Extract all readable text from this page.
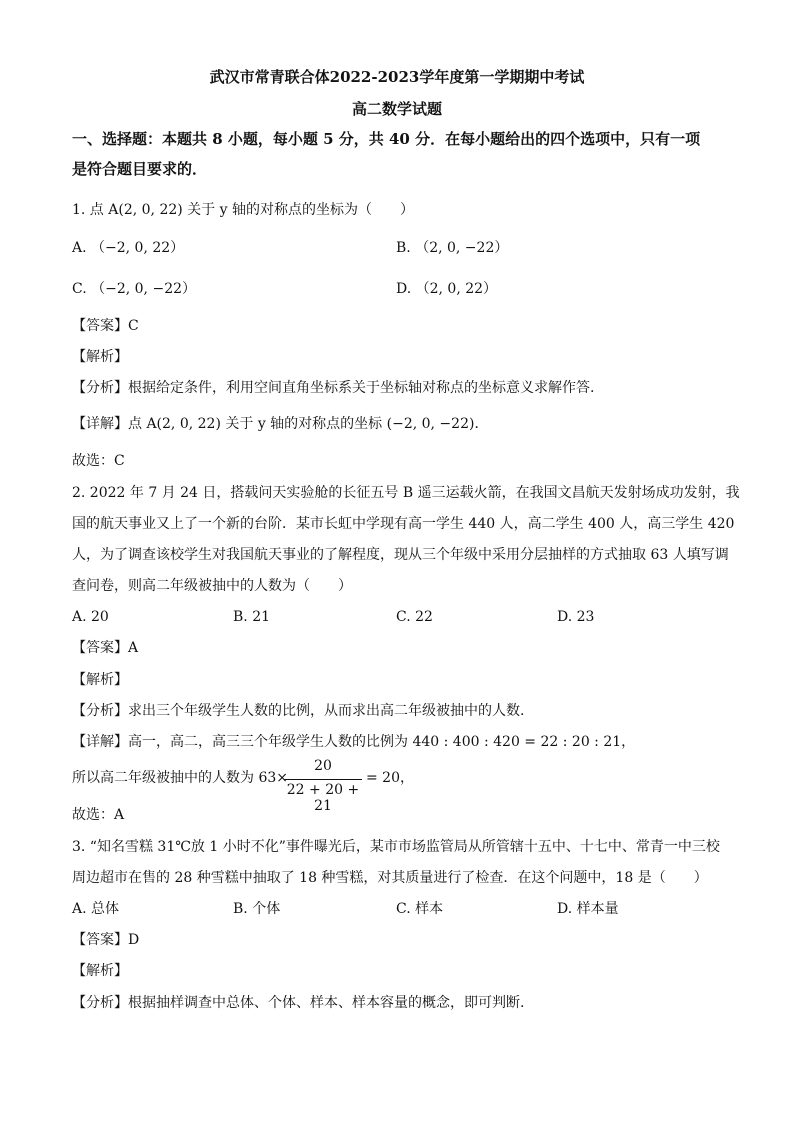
武汉市常青联合体2022-2023学年度第一学期期中考试
高二数学试题
一、选择题：本题共 8 小题，每小题 5 分，共 40 分．在每小题给出的四个选项中，只有一项
是符合题目要求的．
1. 点 A(2, 0, 22) 关于 y 轴的对称点的坐标为（　　）
A. （−2, 0, 22）	B. （2, 0, −22）
C. （−2, 0, −22）	D. （2, 0, 22）
【答案】C
【解析】
【分析】根据给定条件，利用空间直角坐标系关于坐标轴对称点的坐标意义求解作答.
【详解】点 A(2, 0, 22) 关于 y 轴的对称点的坐标 (−2, 0, −22)．
故选：C
2. 2022 年 7 月 24 日，搭载问天实验舱的长征五号 B 遥三运载火箭，在我国文昌航天发射场成功发射，我
国的航天事业又上了一个新的台阶．某市长虹中学现有高一学生 440 人，高二学生 400 人，高三学生 420
人，为了调查该校学生对我国航天事业的了解程度，现从三个年级中采用分层抽样的方式抽取 63 人填写调
查问卷，则高二年级被抽中的人数为（　　）
A. 20	B. 21	C. 22	D. 23
【答案】A
【解析】
【分析】求出三个年级学生人数的比例，从而求出高二年级被抽中的人数.
【详解】高一，高二，高三三个年级学生人数的比例为 440 : 400 : 420 = 22 : 20 : 21，
所以高二年级被抽中的人数为 63×
20
22 + 20 + 21
= 20，
故选：A
3. “知名雪糕 31℃放 1 小时不化”事件曝光后，某市市场监管局从所管辖十五中、十七中、常青一中三校
周边超市在售的 28 种雪糕中抽取了 18 种雪糕，对其质量进行了检查．在这个问题中，18 是（　　）
A. 总体	B. 个体	C. 样本	D. 样本量
【答案】D
【解析】
【分析】根据抽样调查中总体、个体、样本、样本容量的概念，即可判断.
